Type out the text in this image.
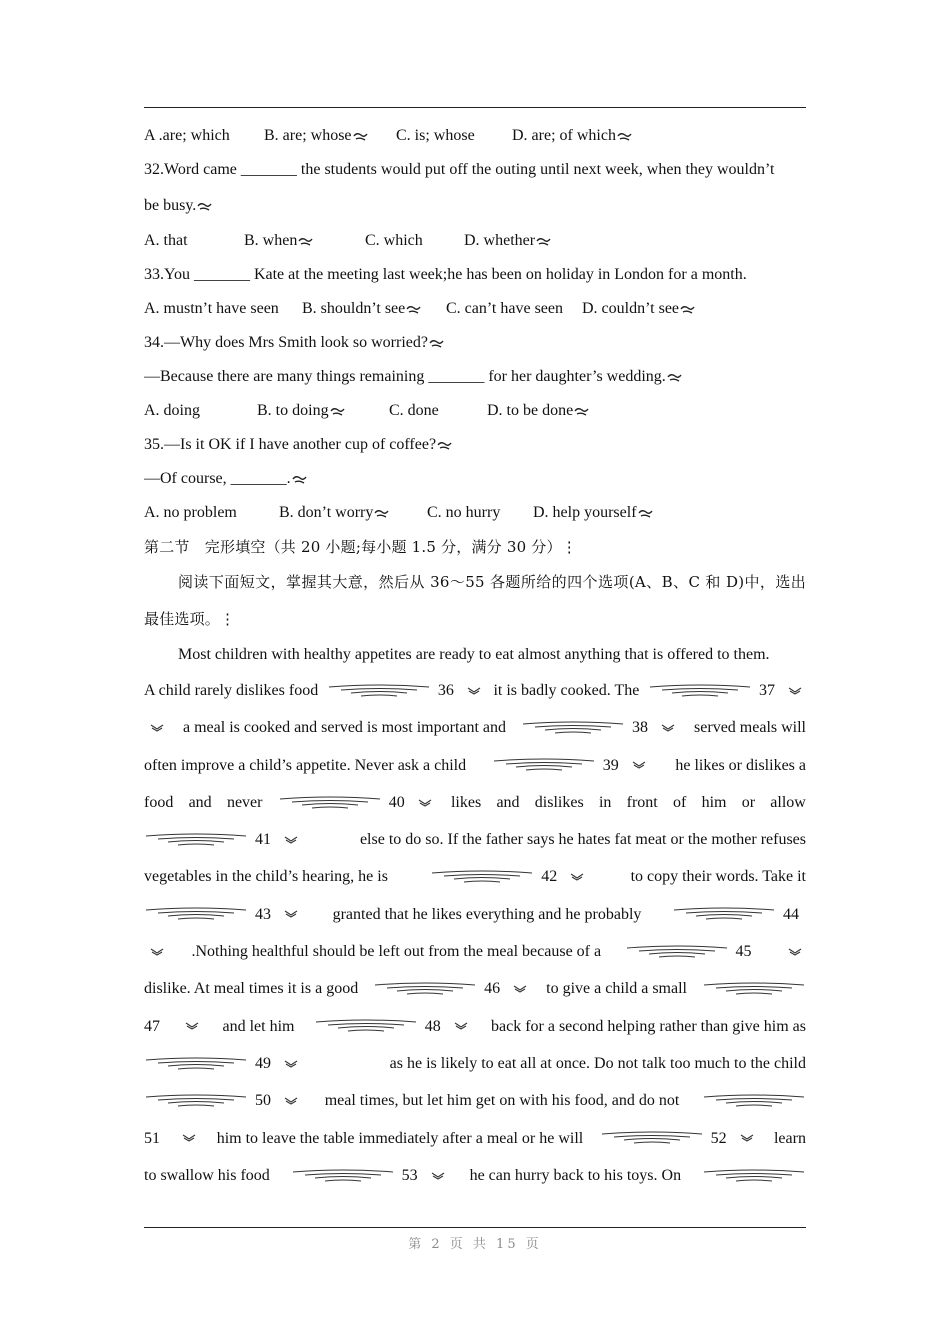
A .are; which	B. are; whose	C. is; whose	D. are; of which
32.Word came _______ the students would put off the outing until next week, when they wouldn’t
be busy.
A. that	B. when	C. which	D. whether
33.You _______ Kate at the meeting last week;he has been on holiday in London for a month.
A. mustn’t have seen	B. shouldn’t see	C. can’t have seen	D. couldn’t see
34.—Why does Mrs Smith look so worried?
—Because there are many things remaining _______ for her daughter’s wedding.
A. doing	B. to doing	C. done	D. to be done
35.—Is it OK if I have another cup of coffee?
—Of course, _______.
A. no problem	B. don’t worry	C. no hurry	D. help yourself
第二节　完形填空（共 20 小题;每小题 1.5 分，满分 30 分）⋮
阅读下面短文，掌握其大意，然后从 36～55 各题所给的四个选项(A、B、C 和 D)中，选出最佳选项。⋮
Most children with healthy appetites are ready to eat almost anything that is offered to them.
A child rarely dislikes food	36 it is badly cooked. The	37
a meal is cooked and served is most important and	38	served meals will
often improve a child’s appetite. Never ask a child	39	he likes or dislikes a
food and never	40	likes and dislikes in front of him or allow
41	else to do so. If the father says he hates fat meat or the mother refuses
vegetables in the child’s hearing, he is	42	to copy their words. Take it
43	granted that he likes everything and he probably	44
.Nothing healthful should be left out from the meal because of a	45
dislike. At meal times it is a good	46	to give a child a small
47	and let him	48	back for a second helping rather than give him as
49	as he is likely to eat all at once. Do not talk too much to the child
50	meal times, but let him get on with his food, and do not
51	him to leave the table immediately after a meal or he will	52	learn
to swallow his food	53	he can hurry back to his toys. On
第 2 页 共 15 页
